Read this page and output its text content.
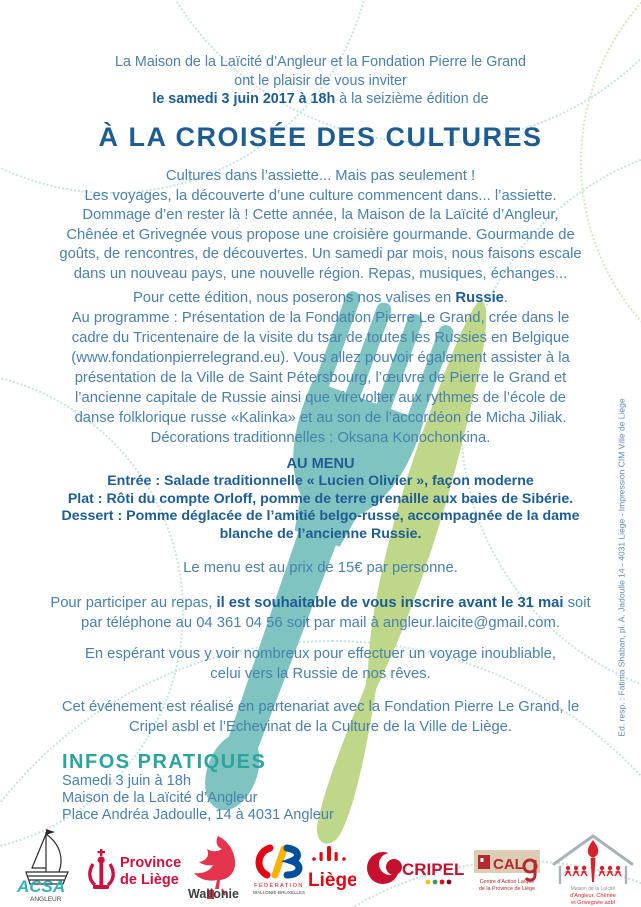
Ed. resp. : Fatima Shaban, pl. A. Jadoulle 14 - 4031 Liège - Impression CIM Ville de Liège
La Maison de la Laïcité d’Angleur et la Fondation Pierre le Grand
ont le plaisir de vous inviter
le samedi 3 juin 2017 à 18h à la seizième édition de
À LA CROISÉE DES CULTURES
Cultures dans l’assiette... Mais pas seulement !
Les voyages, la découverte d’une culture commencent dans... l’assiette.
Dommage d’en rester là ! Cette année, la Maison de la Laïcité d’Angleur,
Chênée et Grivegnée vous propose une croisière gourmande. Gourmande de
goûts, de rencontres, de découvertes. Un samedi par mois, nous faisons escale
dans un nouveau pays, une nouvelle région. Repas, musiques, échanges...
Pour cette édition, nous poserons nos valises en Russie.
Au programme : Présentation de la Fondation Pierre Le Grand, crée dans le
cadre du Tricentenaire de la visite du tsar de toutes les Russies en Belgique
(www.fondationpierrelegrand.eu). Vous allez pouvoir également assister à la
présentation de la Ville de Saint Pétersbourg, l’œuvre de Pierre le Grand et
l’ancienne capitale de Russie ainsi que virevolter aux rythmes de l’école de
danse folklorique russe «Kalinka» et au son de l’accordéon de Micha Jiliak.
Décorations traditionnelles : Oksana Konochonkina.
AU MENU
Entrée : Salade traditionnelle « Lucien Olivier », façon moderne
Plat : Rôti du compte Orloff, pomme de terre grenaille aux baies de Sibérie.
Dessert : Pomme déglacée de l’amitié belgo-russe, accompagnée de la dame
blanche de l’ancienne Russie.
Le menu est au prix de 15€ par personne.
Pour participer au repas, il est souhaitable de vous inscrire avant le 31 mai soit
par téléphone au 04 361 04 56 soit par mail à angleur.laicite@gmail.com.
En espérant vous y voir nombreux pour effectuer un voyage inoubliable,
celui vers la Russie de nos rêves.
Cet événement est réalisé en partenariat avec la Fondation Pierre Le Grand, le
Cripel asbl et l’Echevinat de la Culture de la Ville de Liège.
INFOS PRATIQUES
Samedi 3 juin à 18h
Maison de la Laïcité d’Angleur
Place Andréa Jadoulle, 14 à 4031 Angleur
ACSA
ANGLEUR
Province
de Liège
Wallonie
FÉDÉRATION
WALLONIE-BRUXELLES
Liège
CRIPEL CAL
Centre d'Action Laïque
de la Province de Liège	Maison de la Laïcité
d'Angleur, Chênée
et Grivegnée asbl
